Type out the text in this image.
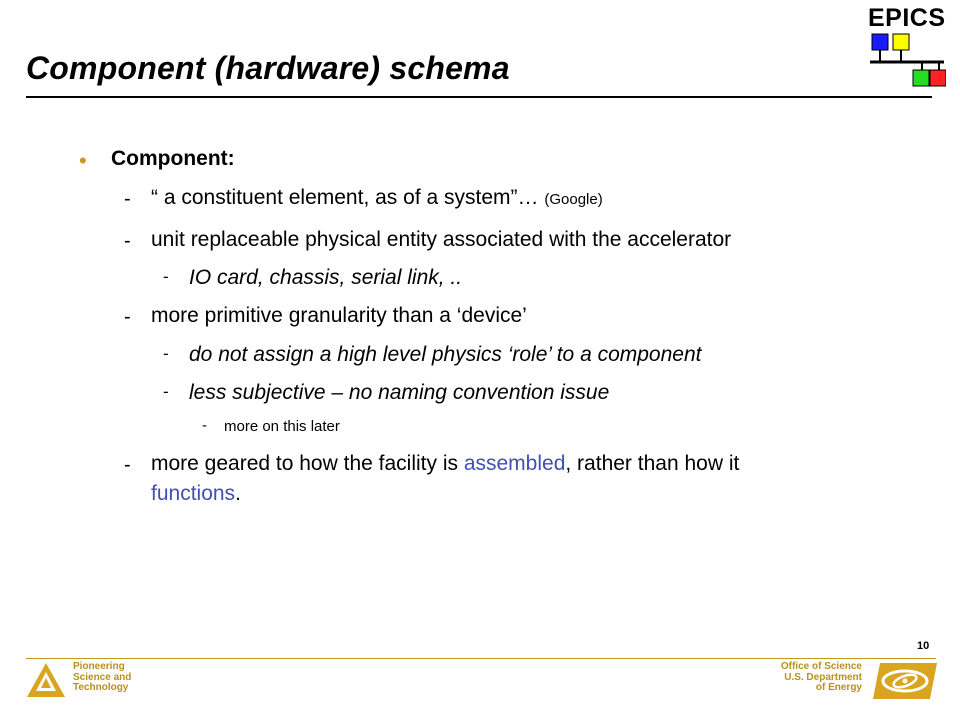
EPICS
Component (hardware) schema
• Component:
- “ a constituent element, as of a system”… (Google)
- unit replaceable physical entity associated with the accelerator
- IO card, chassis, serial link, ..
- more primitive granularity than a ‘device’
- do not assign a high level physics ‘role’ to a component
- less subjective – no naming convention issue
- more on this later
- more geared to how the facility is assembled, rather than how it
functions.
10
Pioneering
Science and
Technology
Office of Science
U.S. Department
of Energy
